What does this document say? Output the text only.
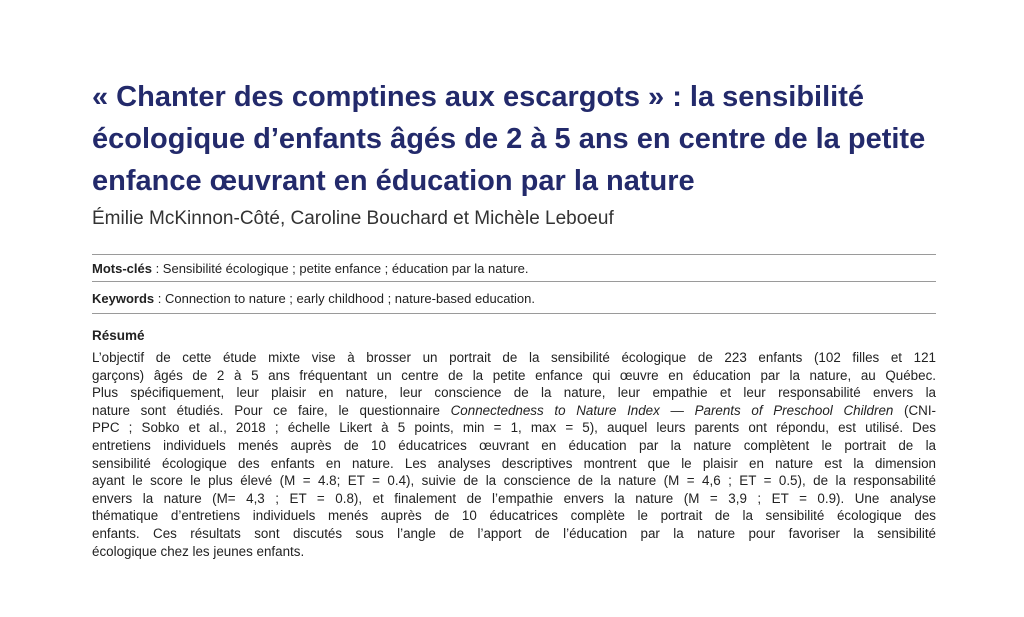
« Chanter des comptines aux escargots » : la sensibilité
écologique d’enfants âgés de 2 à 5 ans en centre de la petite
enfance œuvrant en éducation par la nature

Émilie McKinnon-Côté, Caroline Bouchard et Michèle Leboeuf

Mots-clés : Sensibilité écologique ; petite enfance ; éducation par la nature.
Keywords : Connection to nature ; early childhood ; nature-based education.
Résumé
L’objectif de cette étude mixte vise à brosser un portrait de la sensibilité écologique de 223 enfants (102 filles et 121
garçons) âgés de 2 à 5 ans fréquentant un centre de la petite enfance qui œuvre en éducation par la nature, au Québec.
Plus spécifiquement, leur plaisir en nature, leur conscience de la nature, leur empathie et leur responsabilité envers la
nature sont étudiés. Pour ce faire, le questionnaire Connectedness to Nature Index — Parents of Preschool Children (CNI-
PPC ; Sobko et al., 2018 ; échelle Likert à 5 points, min = 1, max = 5), auquel leurs parents ont répondu, est utilisé. Des
entretiens individuels menés auprès de 10 éducatrices œuvrant en éducation par la nature complètent le portrait de la
sensibilité écologique des enfants en nature. Les analyses descriptives montrent que le plaisir en nature est la dimension
ayant le score le plus élevé (M = 4.8; ET = 0.4), suivie de la conscience de la nature (M = 4,6 ; ET = 0.5), de la responsabilité
envers la nature (M= 4,3 ; ET = 0.8), et finalement de l’empathie envers la nature (M = 3,9 ; ET = 0.9). Une analyse
thématique d’entretiens individuels menés auprès de 10 éducatrices complète le portrait de la sensibilité écologique des
enfants. Ces résultats sont discutés sous l’angle de l’apport de l’éducation par la nature pour favoriser la sensibilité
écologique chez les jeunes enfants.
